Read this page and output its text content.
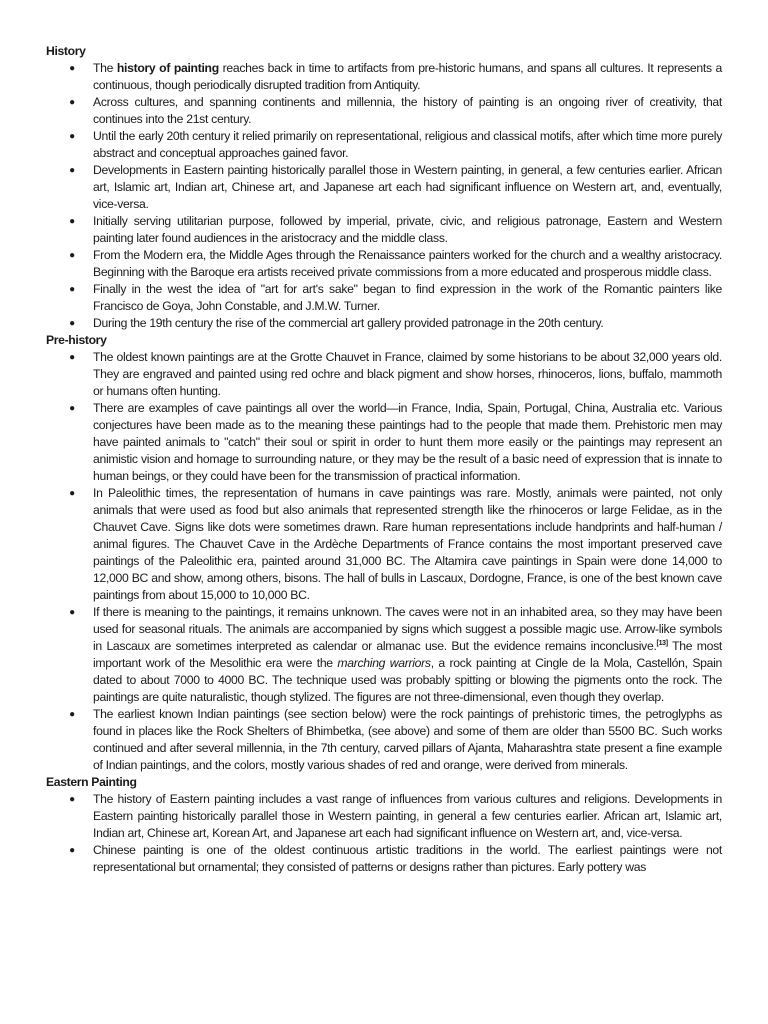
History
● The history of painting reaches back in time to artifacts from pre-historic humans, and spans all cultures. It represents a continuous, though periodically disrupted tradition from Antiquity.
● Across cultures, and spanning continents and millennia, the history of painting is an ongoing river of creativity, that continues into the 21st century.
● Until the early 20th century it relied primarily on representational, religious and classical motifs, after which time more purely abstract and conceptual approaches gained favor.
● Developments in Eastern painting historically parallel those in Western painting, in general, a few centuries earlier. African art, Islamic art, Indian art, Chinese art, and Japanese art each had significant influence on Western art, and, eventually, vice-versa.
● Initially serving utilitarian purpose, followed by imperial, private, civic, and religious patronage, Eastern and Western painting later found audiences in the aristocracy and the middle class.
● From the Modern era, the Middle Ages through the Renaissance painters worked for the church and a wealthy aristocracy. Beginning with the Baroque era artists received private commissions from a more educated and prosperous middle class.
● Finally in the west the idea of "art for art's sake" began to find expression in the work of the Romantic painters like Francisco de Goya, John Constable, and J.M.W. Turner.
● During the 19th century the rise of the commercial art gallery provided patronage in the 20th century.
Pre-history
● The oldest known paintings are at the Grotte Chauvet in France, claimed by some historians to be about 32,000 years old. They are engraved and painted using red ochre and black pigment and show horses, rhinoceros, lions, buffalo, mammoth or humans often hunting.
● There are examples of cave paintings all over the world—in France, India, Spain, Portugal, China, Australia etc. Various conjectures have been made as to the meaning these paintings had to the people that made them. Prehistoric men may have painted animals to "catch" their soul or spirit in order to hunt them more easily or the paintings may represent an animistic vision and homage to surrounding nature, or they may be the result of a basic need of expression that is innate to human beings, or they could have been for the transmission of practical information.
● In Paleolithic times, the representation of humans in cave paintings was rare. Mostly, animals were painted, not only animals that were used as food but also animals that represented strength like the rhinoceros or large Felidae, as in the Chauvet Cave. Signs like dots were sometimes drawn. Rare human representations include handprints and half-human / animal figures. The Chauvet Cave in the Ardèche Departments of France contains the most important preserved cave paintings of the Paleolithic era, painted around 31,000 BC. The Altamira cave paintings in Spain were done 14,000 to 12,000 BC and show, among others, bisons. The hall of bulls in Lascaux, Dordogne, France, is one of the best known cave paintings from about 15,000 to 10,000 BC.
● If there is meaning to the paintings, it remains unknown. The caves were not in an inhabited area, so they may have been used for seasonal rituals. The animals are accompanied by signs which suggest a possible magic use. Arrow-like symbols in Lascaux are sometimes interpreted as calendar or almanac use. But the evidence remains inconclusive.[13] The most important work of the Mesolithic era were the marching warriors, a rock painting at Cingle de la Mola, Castellón, Spain dated to about 7000 to 4000 BC. The technique used was probably spitting or blowing the pigments onto the rock. The paintings are quite naturalistic, though stylized. The figures are not three-dimensional, even though they overlap.
● The earliest known Indian paintings (see section below) were the rock paintings of prehistoric times, the petroglyphs as found in places like the Rock Shelters of Bhimbetka, (see above) and some of them are older than 5500 BC. Such works continued and after several millennia, in the 7th century, carved pillars of Ajanta, Maharashtra state present a fine example of Indian paintings, and the colors, mostly various shades of red and orange, were derived from minerals.
Eastern Painting
● The history of Eastern painting includes a vast range of influences from various cultures and religions. Developments in Eastern painting historically parallel those in Western painting, in general a few centuries earlier. African art, Islamic art, Indian art, Chinese art, Korean Art, and Japanese art each had significant influence on Western art, and, vice-versa.
● Chinese painting is one of the oldest continuous artistic traditions in the world. The earliest paintings were not representational but ornamental; they consisted of patterns or designs rather than pictures. Early pottery was
